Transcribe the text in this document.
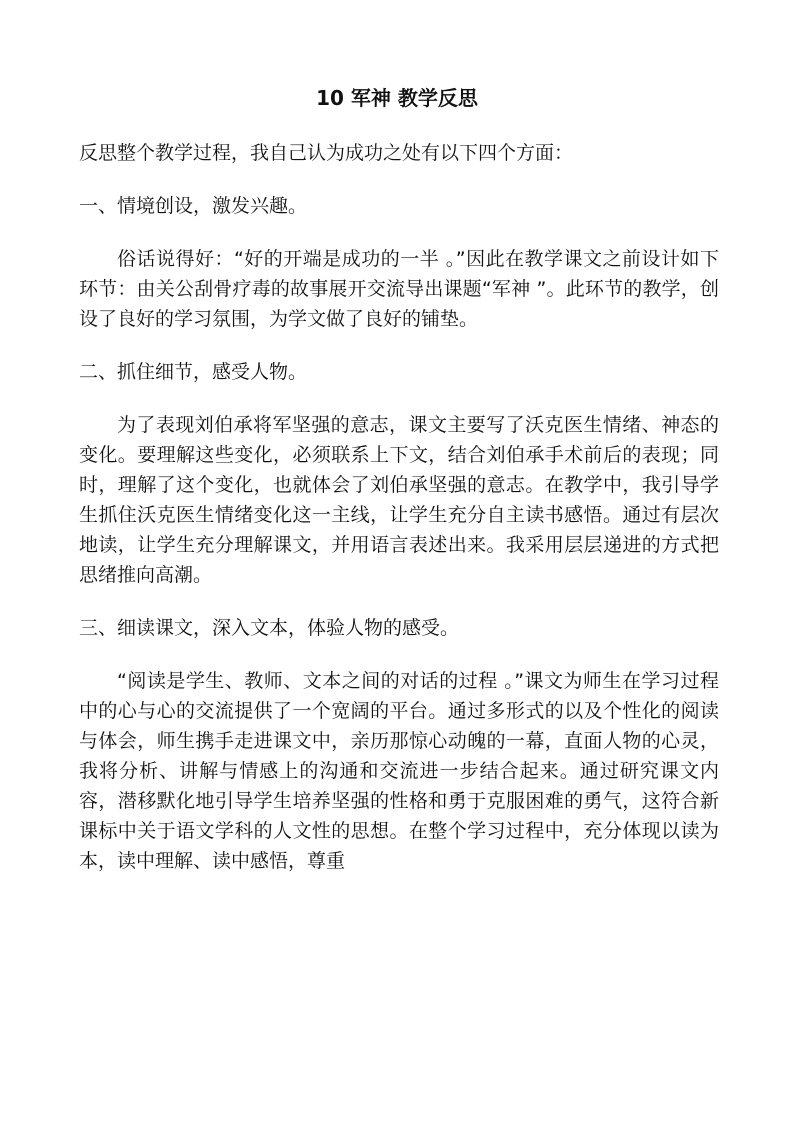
10 军神 教学反思

反思整个教学过程，我自己认为成功之处有以下四个方面：

一、情境创设，激发兴趣。

俗话说得好：“好的开端是成功的一半 。”因此在教学课文之前设计如下环节：由关公刮骨疗毒的故事展开交流导出课题“军神 ”。此环节的教学，创设了良好的学习氛围，为学文做了良好的铺垫。

二、抓住细节，感受人物。

为了表现刘伯承将军坚强的意志，课文主要写了沃克医生情绪、神态的变化。要理解这些变化，必须联系上下文，结合刘伯承手术前后的表现；同时，理解了这个变化，也就体会了刘伯承坚强的意志。在教学中，我引导学生抓住沃克医生情绪变化这一主线，让学生充分自主读书感悟。通过有层次地读，让学生充分理解课文，并用语言表述出来。我采用层层递进的方式把思绪推向高潮。

三、细读课文，深入文本，体验人物的感受。

“阅读是学生、教师、文本之间的对话的过程 。”课文为师生在学习过程中的心与心的交流提供了一个宽阔的平台。通过多形式的以及个性化的阅读与体会，师生携手走进课文中，亲历那惊心动魄的一幕，直面人物的心灵，我将分析、讲解与情感上的沟通和交流进一步结合起来。通过研究课文内容，潜移默化地引导学生培养坚强的性格和勇于克服困难的勇气，这符合新课标中关于语文学科的人文性的思想。在整个学习过程中，充分体现以读为本，读中理解、读中感悟，尊重
